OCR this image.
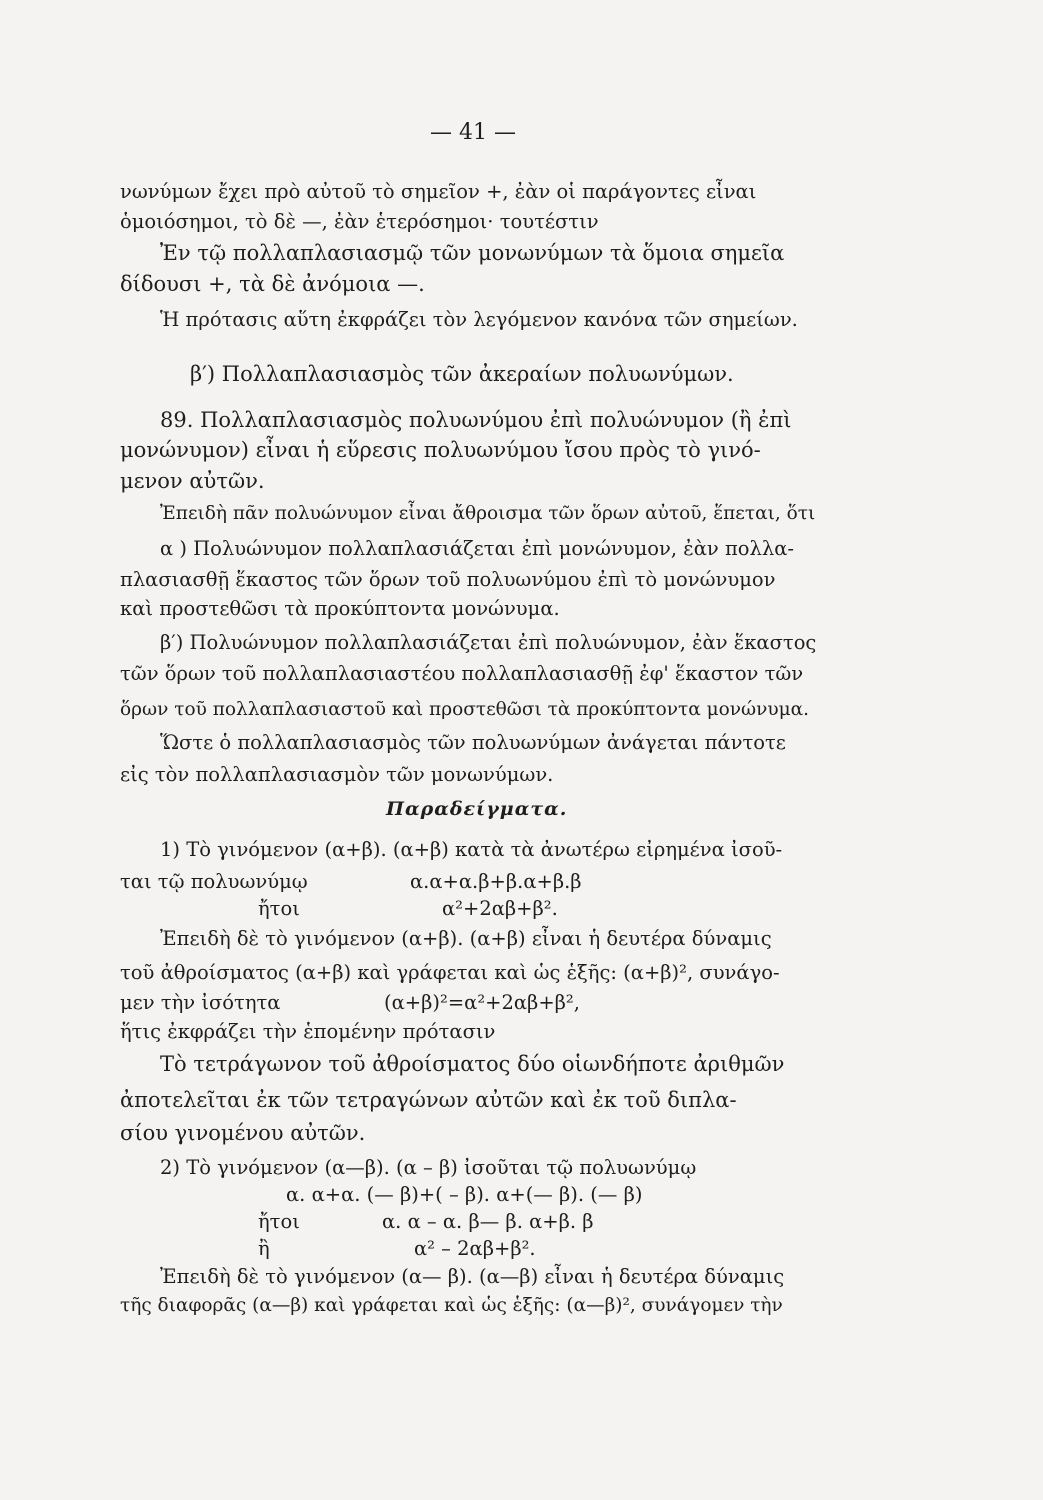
— 41 —
νωνύμων ἔχει πρὸ αὐτοῦ τὸ σημεῖον +, ἐὰν οἱ παράγοντες εἶναι
ὁμοιόσημοι, τὸ δὲ —, ἐὰν ἑτερόσημοι· τουτέστιν
Ἐν τῷ πολλαπλασιασμῷ τῶν μονωνύμων τὰ ὅμοια σημεῖα
δίδουσι +, τὰ δὲ ἀνόμοια —.
Ἡ πρότασις αὕτη ἐκφράζει τὸν λεγόμενον κανόνα τῶν σημείων.
β′) Πολλαπλασιασμὸς τῶν ἀκεραίων πολυωνύμων.
89. Πολλαπλασιασμὸς πολυωνύμου ἐπὶ πολυώνυμον (ἢ ἐπὶ
μονώνυμον) εἶναι ἡ εὕρεσις πολυωνύμου ἴσου πρὸς τὸ γινό-
μενον αὐτῶν.
Ἐπειδὴ πᾶν πολυώνυμον εἶναι ἄθροισμα τῶν ὅρων αὐτοῦ, ἕπεται, ὅτι
α ) Πολυώνυμον πολλαπλασιάζεται ἐπὶ μονώνυμον, ἐὰν πολλα-
πλασιασθῇ ἕκαστος τῶν ὅρων τοῦ πολυωνύμου ἐπὶ τὸ μονώνυμον
καὶ προστεθῶσι τὰ προκύπτοντα μονώνυμα.
β′) Πολυώνυμον πολλαπλασιάζεται ἐπὶ πολυώνυμον, ἐὰν ἕκαστος
τῶν ὅρων τοῦ πολλαπλασιαστέου πολλαπλασιασθῇ ἐφ' ἕκαστον τῶν
ὅρων τοῦ πολλαπλασιαστοῦ καὶ προστεθῶσι τὰ προκύπτοντα μονώνυμα.
Ὥστε ὁ πολλαπλασιασμὸς τῶν πολυωνύμων ἀνάγεται πάντοτε
εἰς τὸν πολλαπλασιασμὸν τῶν μονωνύμων.
Παραδείγματα.
1) Τὸ γινόμενον (α+β). (α+β) κατὰ τὰ ἀνωτέρω εἰρημένα ἰσοῦ-
ται τῷ πολυωνύμῳ	α.α+α.β+β.α+β.β
ἤτοι	α²+2αβ+β².
Ἐπειδὴ δὲ τὸ γινόμενον (α+β). (α+β) εἶναι ἡ δευτέρα δύναμις
τοῦ ἀθροίσματος (α+β) καὶ γράφεται καὶ ὡς ἑξῆς: (α+β)², συνάγο-
μεν τὴν ἰσότητα	(α+β)²=α²+2αβ+β²,
ἥτις ἐκφράζει τὴν ἑπομένην πρότασιν
Τὸ τετράγωνον τοῦ ἀθροίσματος δύο οἱωνδήποτε ἀριθμῶν
ἀποτελεῖται ἐκ τῶν τετραγώνων αὐτῶν καὶ ἐκ τοῦ διπλα-
σίου γινομένου αὐτῶν.
2) Τὸ γινόμενον (α—β). (α – β) ἰσοῦται τῷ πολυωνύμῳ
α. α+α. (— β)+( – β). α+(— β). (— β)
ἤτοι	α. α – α. β— β. α+β. β
ἢ	α² – 2αβ+β².
Ἐπειδὴ δὲ τὸ γινόμενον (α— β). (α—β) εἶναι ἡ δευτέρα δύναμις
τῆς διαφορᾶς (α—β) καὶ γράφεται καὶ ὡς ἑξῆς: (α—β)², συνάγομεν τὴν
